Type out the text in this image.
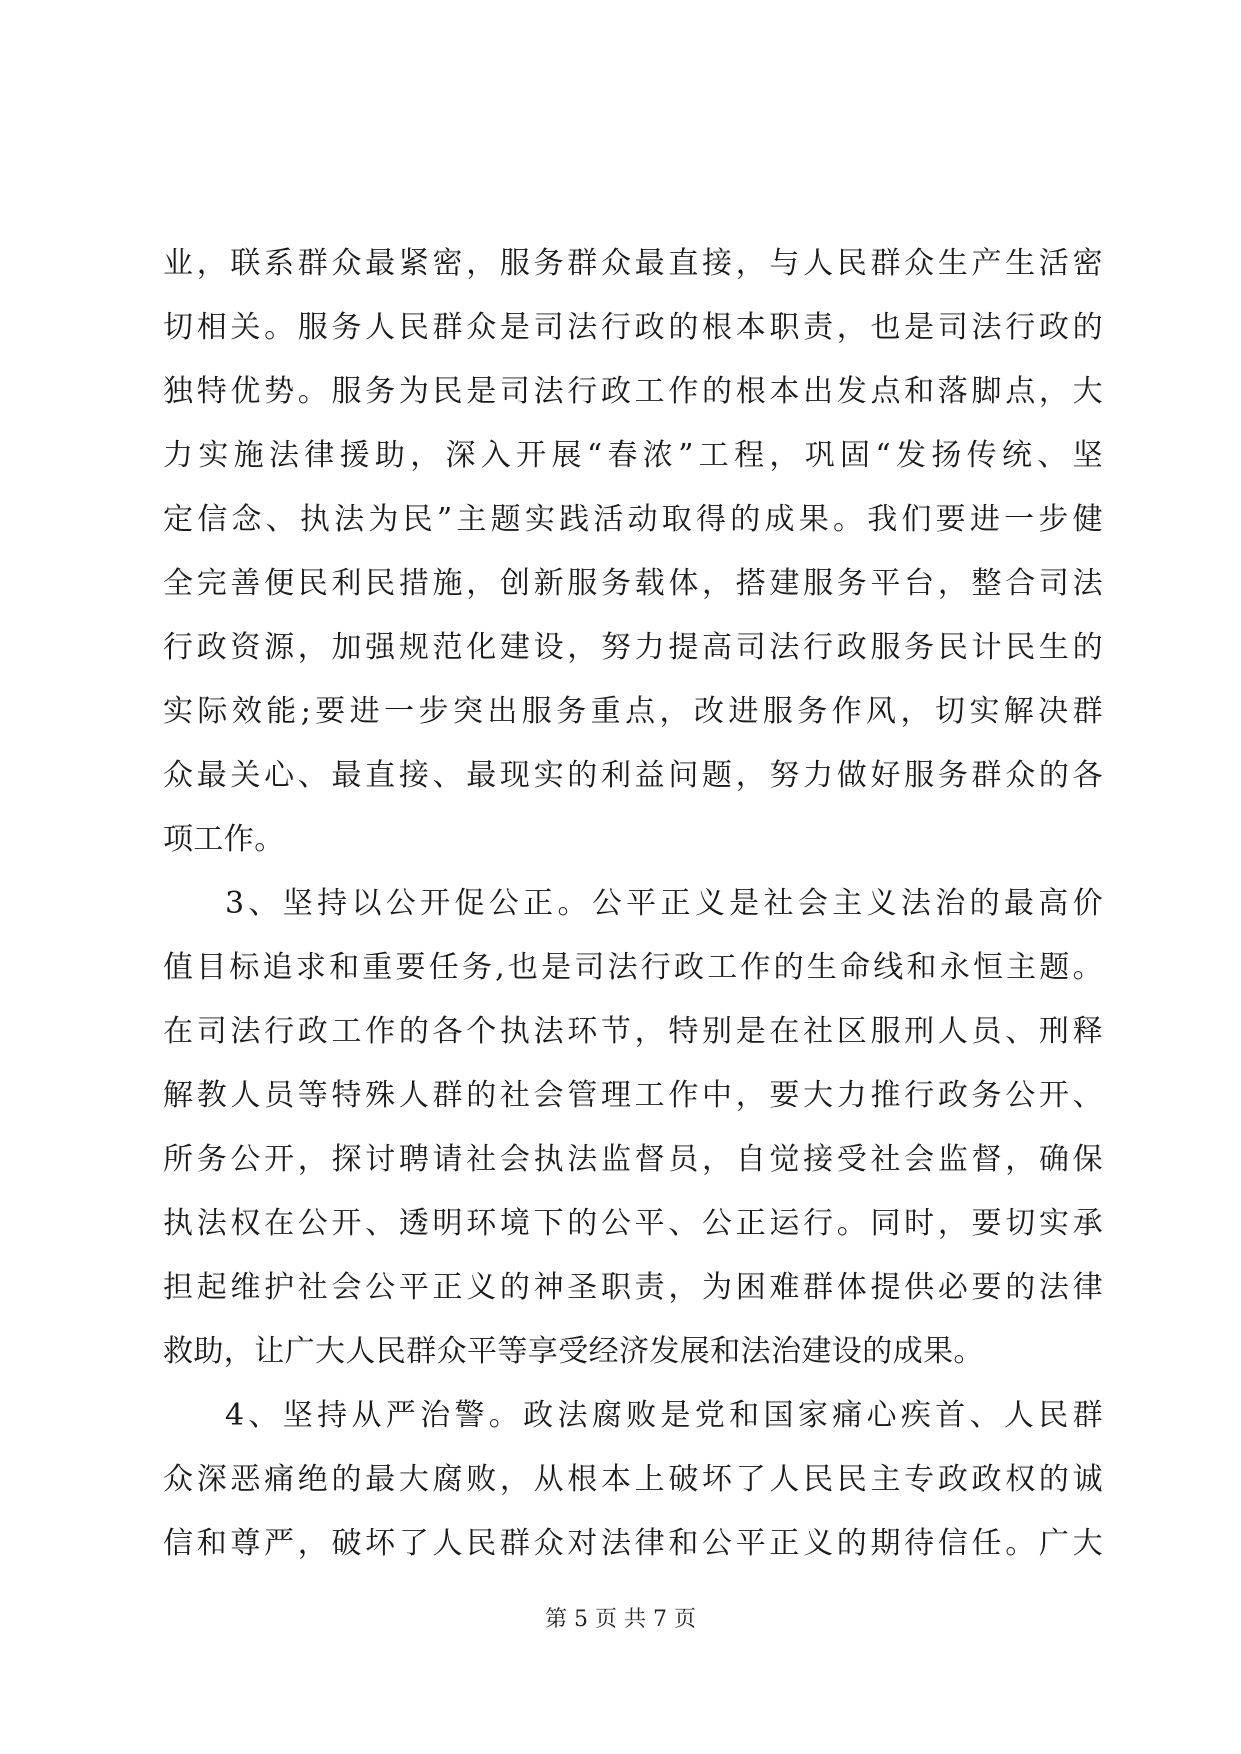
业，联系群众最紧密，服务群众最直接，与人民群众生产生活密
切相关。服务人民群众是司法行政的根本职责，也是司法行政的
独特优势。服务为民是司法行政工作的根本出发点和落脚点，大
力实施法律援助，深入开展“春浓”工程，巩固“发扬传统、坚
定信念、执法为民”主题实践活动取得的成果。我们要进一步健
全完善便民利民措施，创新服务载体，搭建服务平台，整合司法
行政资源，加强规范化建设，努力提高司法行政服务民计民生的
实际效能;要进一步突出服务重点，改进服务作风，切实解决群
众最关心、最直接、最现实的利益问题，努力做好服务群众的各
项工作。
3、坚持以公开促公正。公平正义是社会主义法治的最高价
值目标追求和重要任务,也是司法行政工作的生命线和永恒主题。
在司法行政工作的各个执法环节，特别是在社区服刑人员、刑释
解教人员等特殊人群的社会管理工作中，要大力推行政务公开、
所务公开，探讨聘请社会执法监督员，自觉接受社会监督，确保
执法权在公开、透明环境下的公平、公正运行。同时，要切实承
担起维护社会公平正义的神圣职责，为困难群体提供必要的法律
救助，让广大人民群众平等享受经济发展和法治建设的成果。
4、坚持从严治警。政法腐败是党和国家痛心疾首、人民群
众深恶痛绝的最大腐败，从根本上破坏了人民民主专政政权的诚
信和尊严，破坏了人民群众对法律和公平正义的期待信任。广大
第 5 页 共 7 页
